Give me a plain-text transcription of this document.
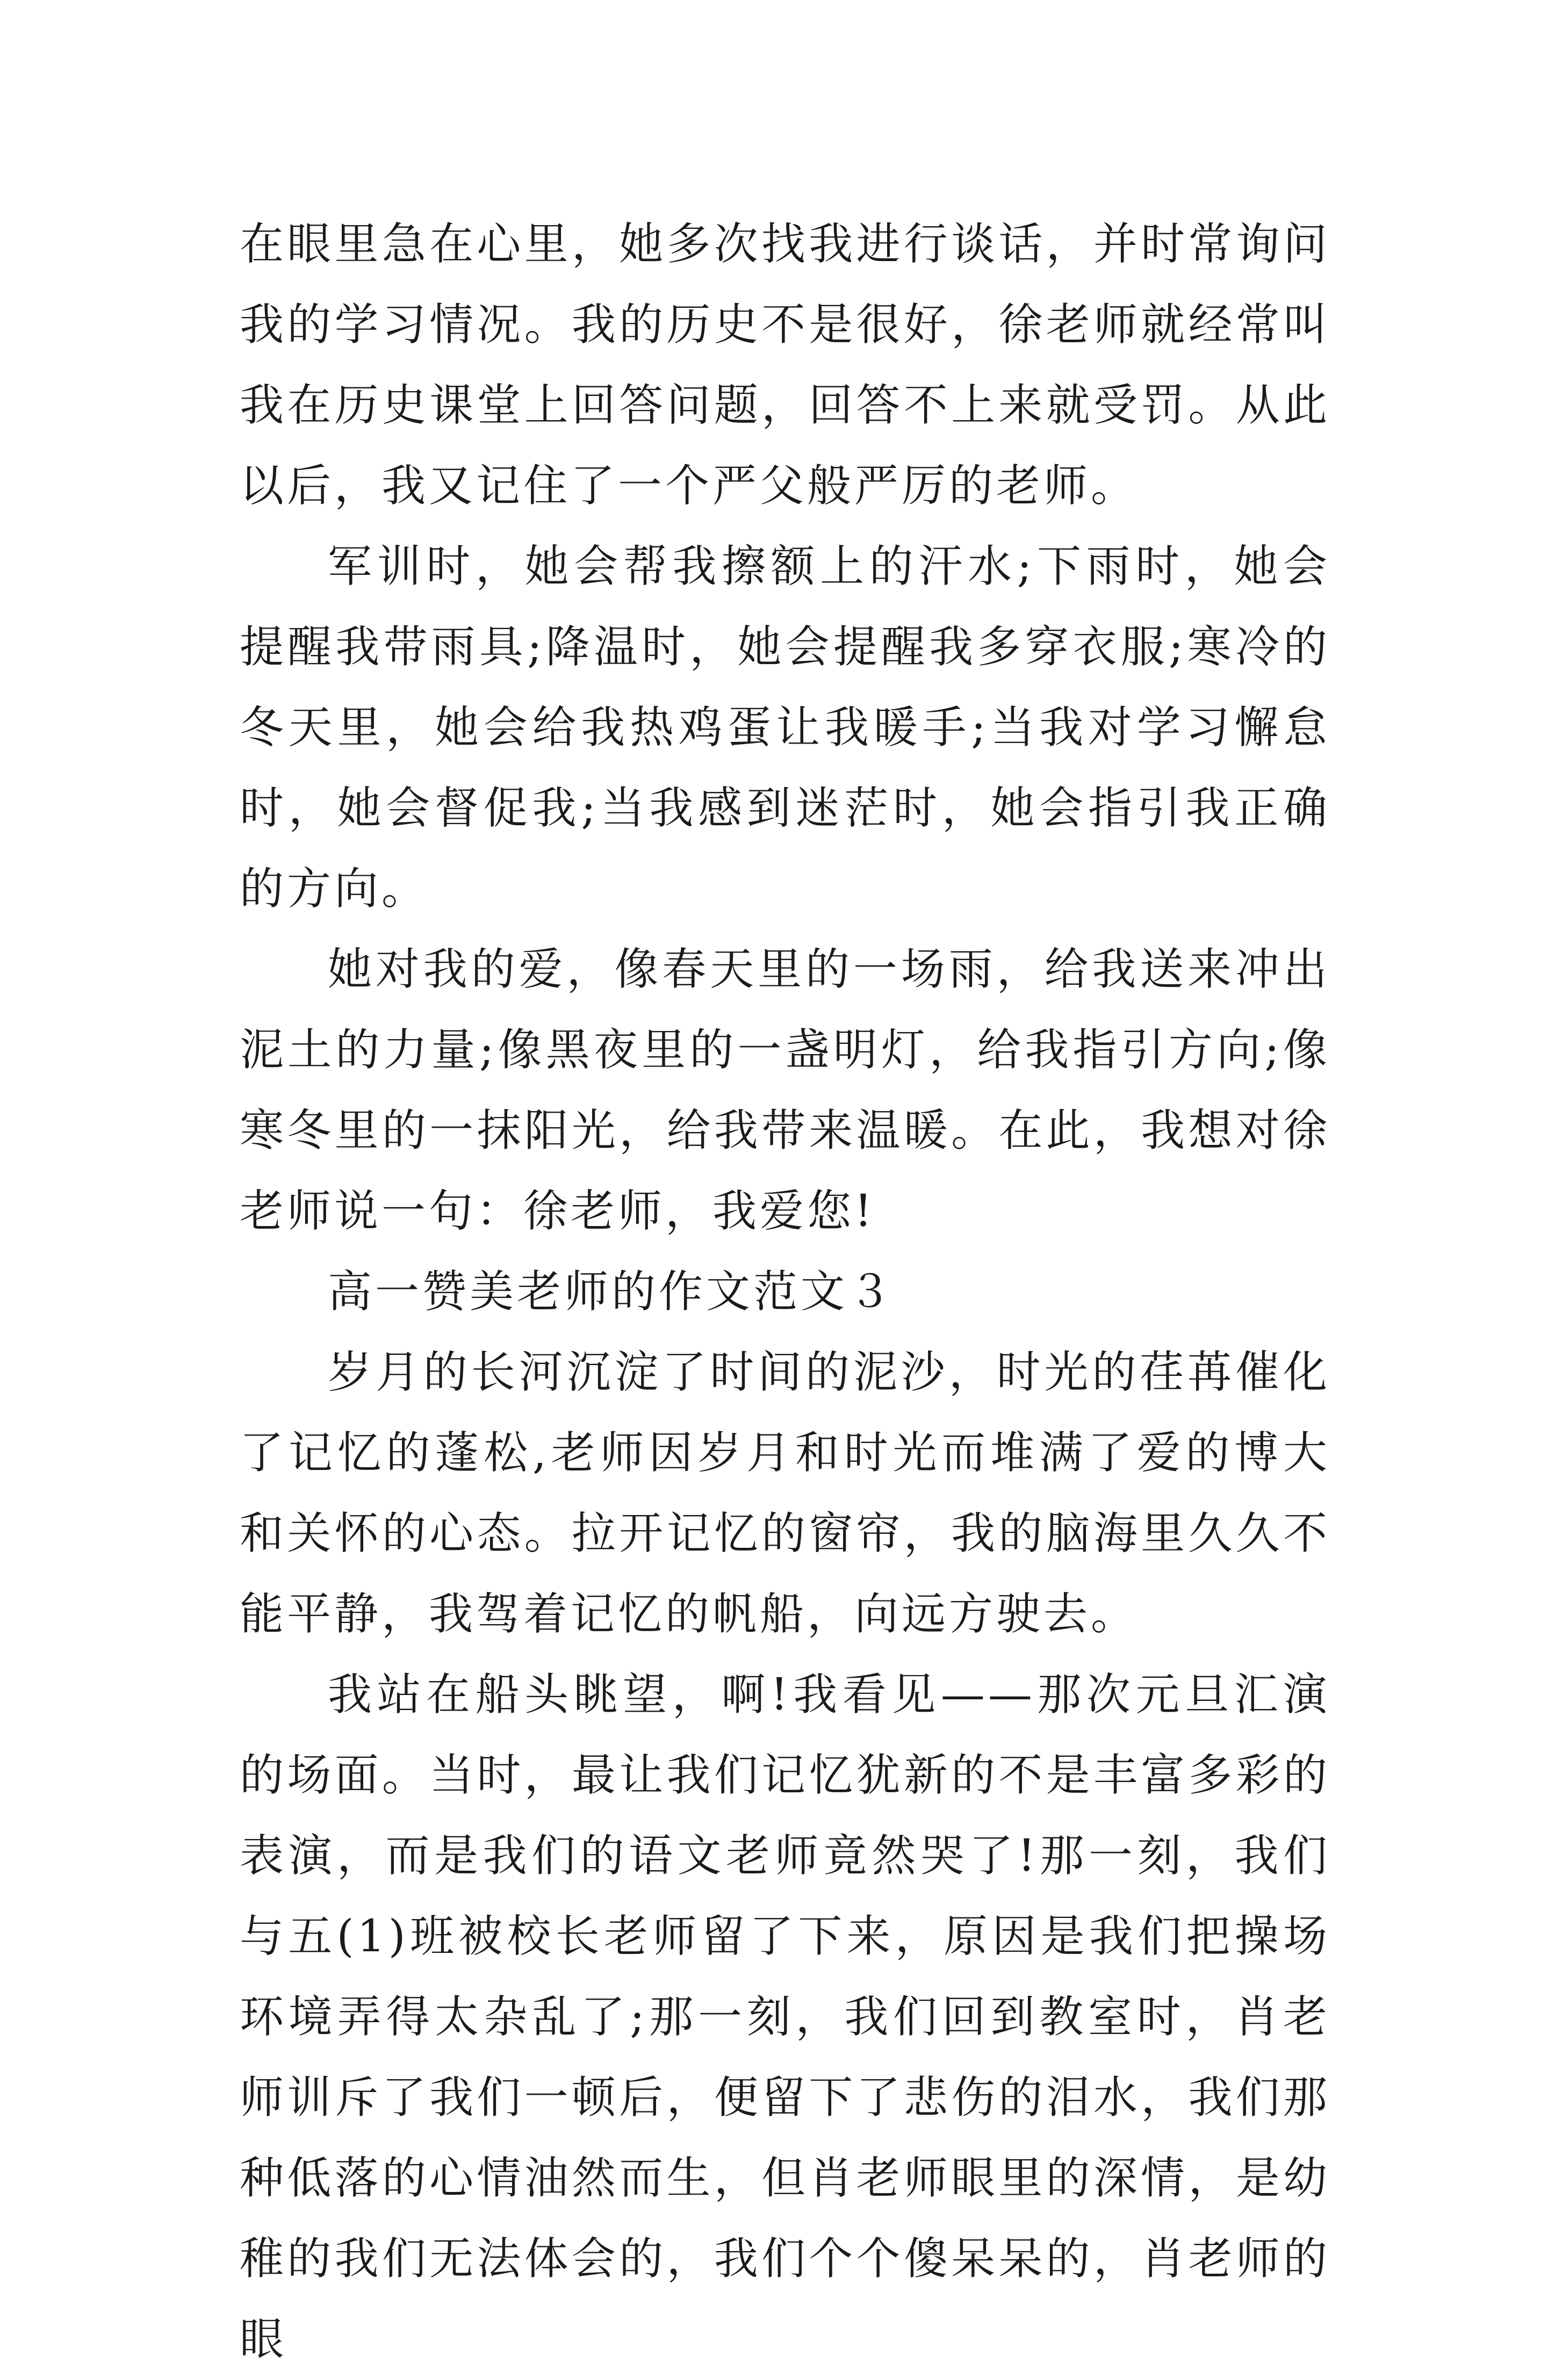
在眼里急在心里，她多次找我进行谈话，并时常询问我的学习情况。我的历史不是很好，徐老师就经常叫我在历史课堂上回答问题，回答不上来就受罚。从此以后，我又记住了一个严父般严厉的老师。

军训时，她会帮我擦额上的汗水;下雨时，她会提醒我带雨具;降温时，她会提醒我多穿衣服;寒冷的冬天里，她会给我热鸡蛋让我暖手;当我对学习懈怠时，她会督促我;当我感到迷茫时，她会指引我正确的方向。

她对我的爱，像春天里的一场雨，给我送来冲出泥土的力量;像黑夜里的一盏明灯，给我指引方向;像寒冬里的一抹阳光，给我带来温暖。在此，我想对徐老师说一句：徐老师，我爱您!

高一赞美老师的作文范文３

岁月的长河沉淀了时间的泥沙，时光的荏苒催化了记忆的蓬松,老师因岁月和时光而堆满了爱的博大和关怀的心态。拉开记忆的窗帘，我的脑海里久久不能平静，我驾着记忆的帆船，向远方驶去。

我站在船头眺望，啊!我看见——那次元旦汇演的场面。当时，最让我们记忆犹新的不是丰富多彩的表演，而是我们的语文老师竟然哭了!那一刻，我们与五(1)班被校长老师留了下来，原因是我们把操场环境弄得太杂乱了;那一刻，我们回到教室时，肖老师训斥了我们一顿后，便留下了悲伤的泪水，我们那种低落的心情油然而生，但肖老师眼里的深情，是幼稚的我们无法体会的，我们个个傻呆呆的，肖老师的眼
